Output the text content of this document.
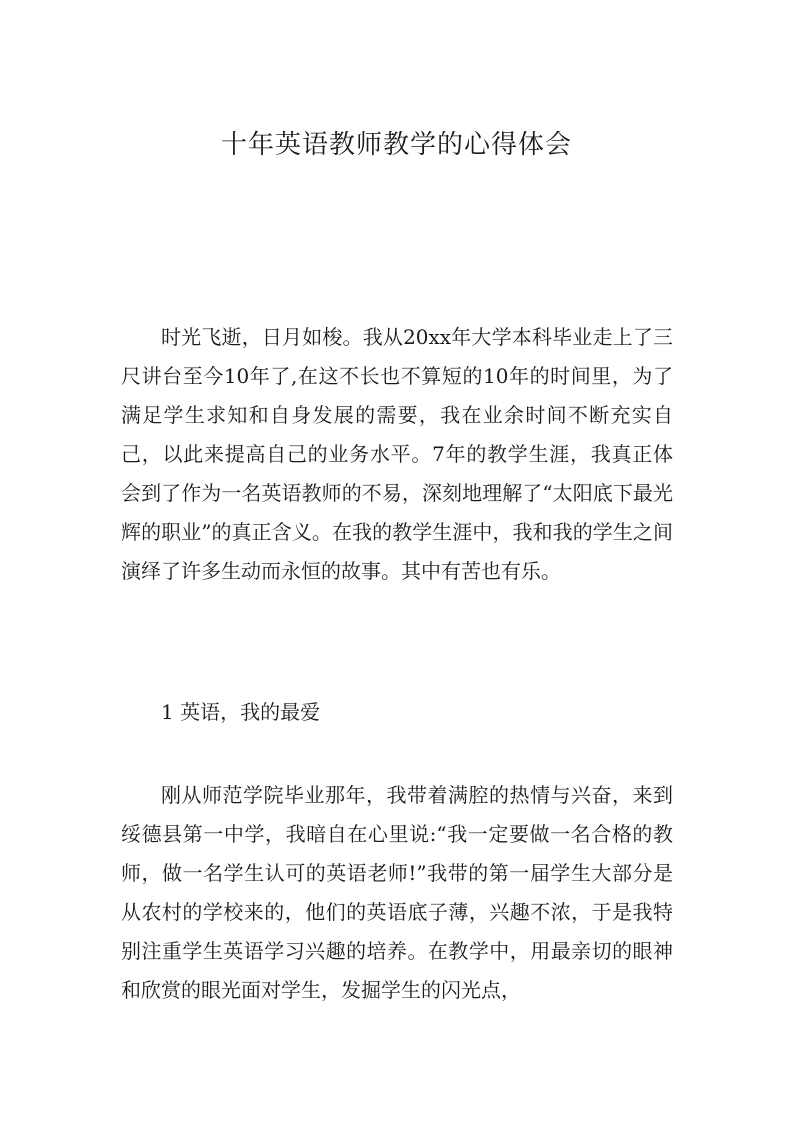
十年英语教师教学的心得体会

时光飞逝，日月如梭。我从20xx年大学本科毕业走上了三尺讲台至今10年了,在这不长也不算短的10年的时间里，为了满足学生求知和自身发展的需要，我在业余时间不断充实自己，以此来提高自己的业务水平。7年的教学生涯，我真正体会到了作为一名英语教师的不易，深刻地理解了“太阳底下最光辉的职业”的真正含义。在我的教学生涯中，我和我的学生之间演绎了许多生动而永恒的故事。其中有苦也有乐。

1 英语，我的最爱

刚从师范学院毕业那年，我带着满腔的热情与兴奋，来到绥德县第一中学，我暗自在心里说:“我一定要做一名合格的教师，做一名学生认可的英语老师!”我带的第一届学生大部分是从农村的学校来的，他们的英语底子薄，兴趣不浓，于是我特别注重学生英语学习兴趣的培养。在教学中，用最亲切的眼神和欣赏的眼光面对学生，发掘学生的闪光点，
